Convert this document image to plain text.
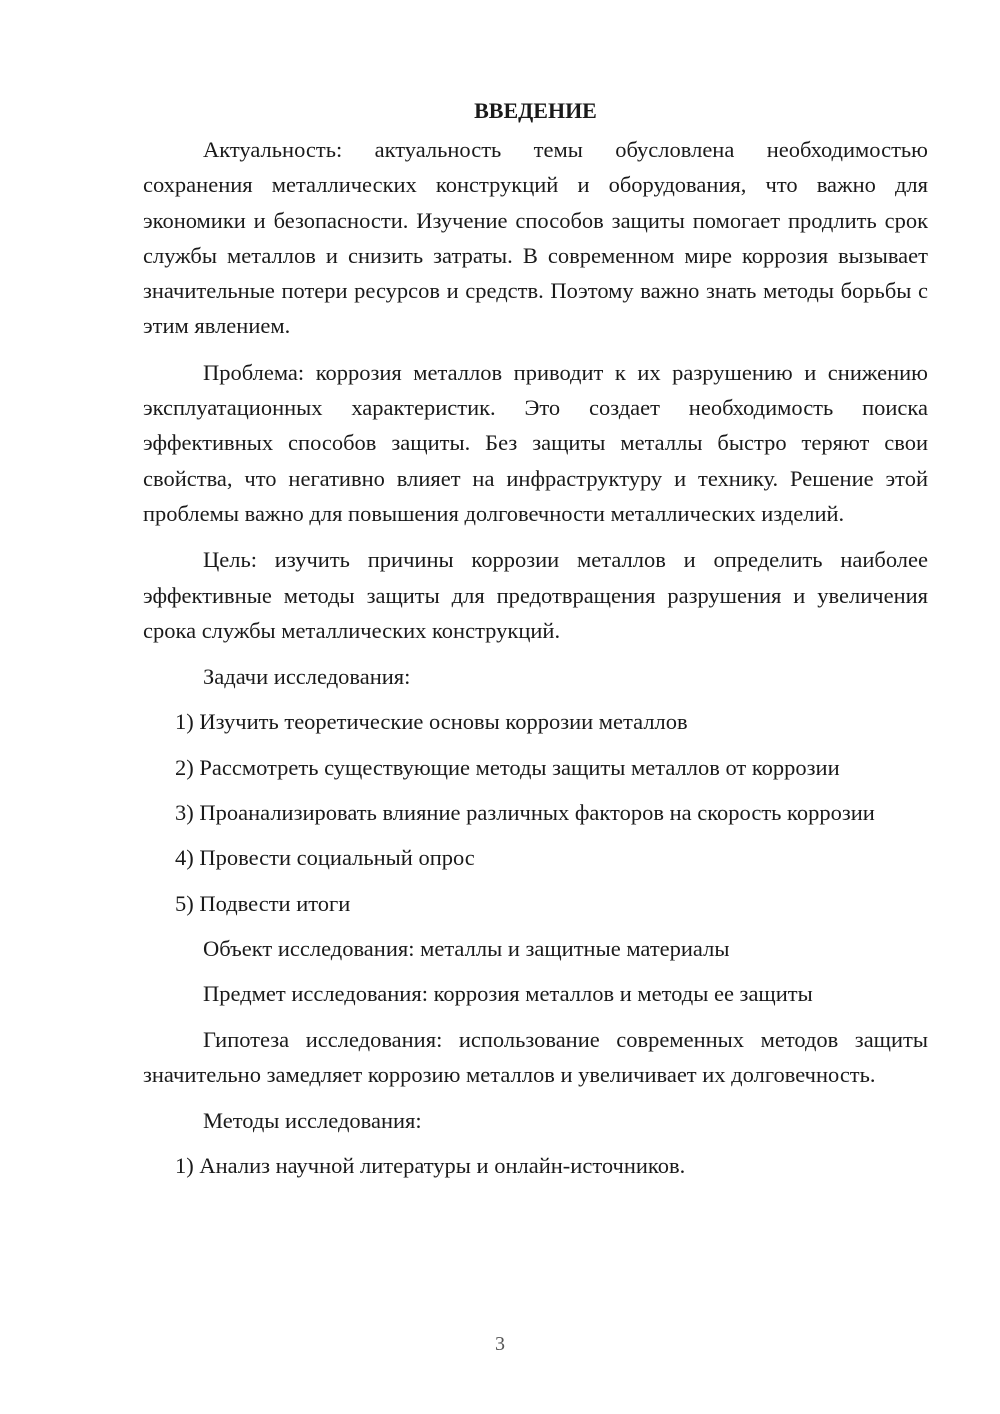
ВВЕДЕНИЕ

Актуальность: актуальность темы обусловлена необходимостью сохранения металлических конструкций и оборудования, что важно для экономики и безопасности. Изучение способов защиты помогает продлить срок службы металлов и снизить затраты. В современном мире коррозия вызывает значительные потери ресурсов и средств. Поэтому важно знать методы борьбы с этим явлением.

Проблема: коррозия металлов приводит к их разрушению и снижению эксплуатационных характеристик. Это создает необходимость поиска эффективных способов защиты. Без защиты металлы быстро теряют свои свойства, что негативно влияет на инфраструктуру и технику. Решение этой проблемы важно для повышения долговечности металлических изделий.

Цель: изучить причины коррозии металлов и определить наиболее эффективные методы защиты для предотвращения разрушения и увеличения срока службы металлических конструкций.

Задачи исследования:

1) Изучить теоретические основы коррозии металлов

2) Рассмотреть существующие методы защиты металлов от коррозии

3) Проанализировать влияние различных факторов на скорость коррозии

4) Провести социальный опрос

5) Подвести итоги

Объект исследования: металлы и защитные материалы

Предмет исследования: коррозия металлов и методы ее защиты

Гипотеза исследования: использование современных методов защиты значительно замедляет коррозию металлов и увеличивает их долговечность.

Методы исследования:

1) Анализ научной литературы и онлайн-источников.

3
